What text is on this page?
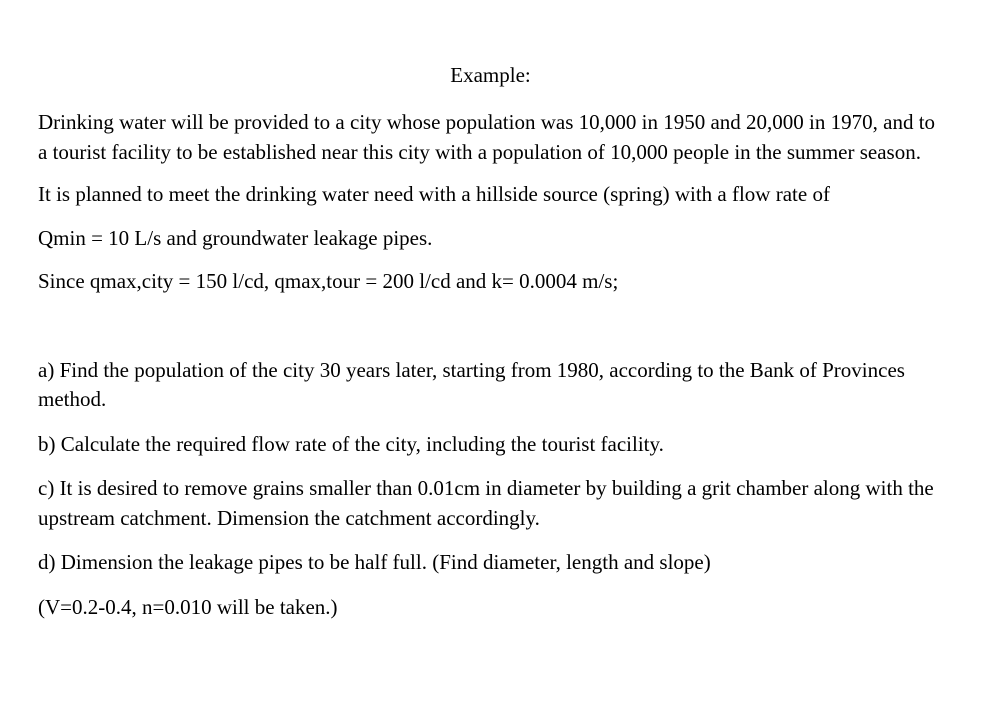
Example:

Drinking water will be provided to a city whose population was 10,000 in 1950 and 20,000 in 1970, and to a tourist facility to be established near this city with a population of 10,000 people in the summer season.

It is planned to meet the drinking water need with a hillside source (spring) with a flow rate of

Qmin = 10 L/s and groundwater leakage pipes.

Since qmax,city = 150 l/cd, qmax,tour = 200 l/cd and k= 0.0004 m/s;

a) Find the population of the city 30 years later, starting from 1980, according to the Bank of Provinces method.

b) Calculate the required flow rate of the city, including the tourist facility.

c) It is desired to remove grains smaller than 0.01cm in diameter by building a grit chamber along with the upstream catchment. Dimension the catchment accordingly.

d) Dimension the leakage pipes to be half full. (Find diameter, length and slope)

(V=0.2-0.4, n=0.010 will be taken.)
